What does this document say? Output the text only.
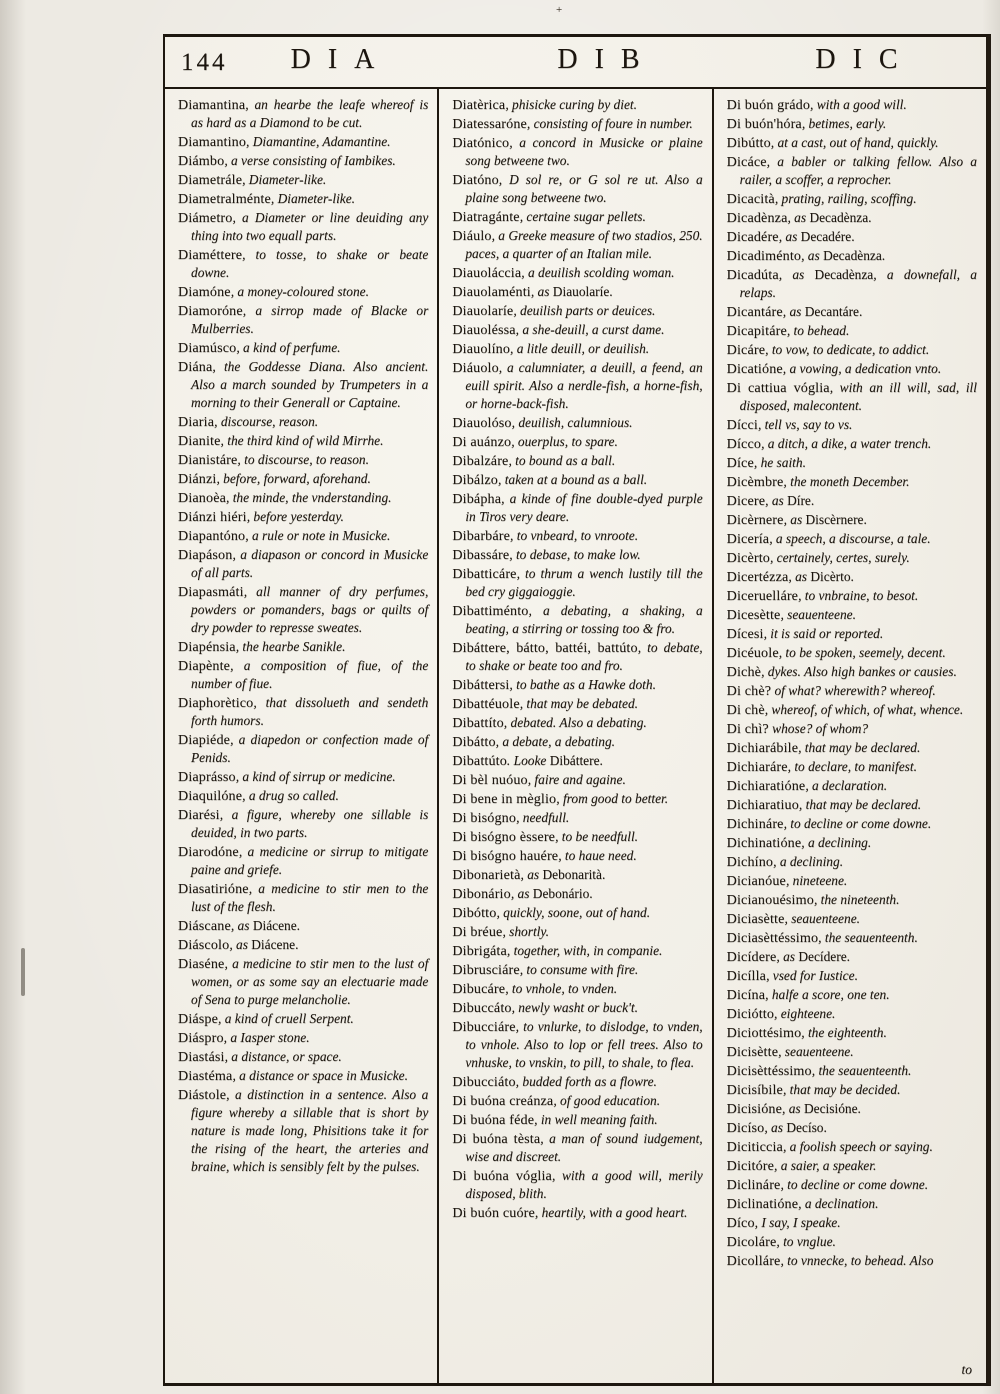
+
144 DIA	DIB	DIC
Diamantina, an hearbe the leafe whereof is as hard as a Diamond to be cut.
Diamantino, Diamantine, Adamantine.
Diámbo, a verse consisting of Iambikes.
Diametrále, Diameter-like.
Diametralménte, Diameter-like.
Diámetro, a Diameter or line deuiding any thing into two equall parts.
Diaméttere, to tosse, to shake or beate downe.
Diamóne, a money-coloured stone.
Diamoróne, a sirrop made of Blacke or Mulberries.
Diamúsco, a kind of perfume.
Diána, the Goddesse Diana. Also ancient. Also a march sounded by Trumpeters in a morning to their Generall or Captaine.
Diaria, discourse, reason.
Dianite, the third kind of wild Mirrhe.
Dianistáre, to discourse, to reason.
Diánzi, before, forward, aforehand.
Dianoèa, the minde, the vnderstanding.
Diánzi hiéri, before yesterday.
Diapantóno, a rule or note in Musicke.
Diapáson, a diapason or concord in Musicke of all parts.
Diapasmáti, all manner of dry perfumes, powders or pomanders, bags or quilts of dry powder to represse sweates.
Diapénsia, the hearbe Sanikle.
Diapènte, a composition of fiue, of the number of fiue.
Diaphorètico, that dissolueth and sendeth forth humors.
Diapiéde, a diapedon or confection made of Penids.
Diaprásso, a kind of sirrup or medicine.
Diaquilóne, a drug so called.
Diarési, a figure, whereby one sillable is deuided, in two parts.
Diarodóne, a medicine or sirrup to mitigate paine and griefe.
Diasatirióne, a medicine to stir men to the lust of the flesh.
Diáscane, as Diácene.
Diáscolo, as Diácene.
Diaséne, a medicine to stir men to the lust of women, or as some say an electuarie made of Sena to purge melancholie.
Diáspe, a kind of cruell Serpent.
Diáspro, a Iasper stone.
Diastási, a distance, or space.
Diastéma, a distance or space in Musicke.
Diástole, a distinction in a sentence. Also a figure whereby a sillable that is short by nature is made long, Phisitions take it for the rising of the heart, the arteries and braine, which is sensibly felt by the pulses.
Diatèrica, phisicke curing by diet.
Diatessaróne, consisting of foure in number.
Diatónico, a concord in Musicke or plaine song betweene two.
Diatóno, D sol re, or G sol re ut. Also a plaine song betweene two.
Diatragánte, certaine sugar pellets.
Diáulo, a Greeke measure of two stadios, 250. paces, a quarter of an Italian mile.
Diauoláccia, a deuilish scolding woman.
Diauolaménti, as Diauolaríe.
Diauolaríe, deuilish parts or deuices.
Diauoléssa, a she-deuill, a curst dame.
Diauolíno, a litle deuill, or deuilish.
Diáuolo, a calumniater, a deuill, a feend, an euill spirit. Also a nerdle-fish, a horne-fish, or horne-back-fish.
Diauolóso, deuilish, calumnious.
Di auánzo, ouerplus, to spare.
Dibalzáre, to bound as a ball.
Dibálzo, taken at a bound as a ball.
Dibápha, a kinde of fine double-dyed purple in Tiros very deare.
Dibarbáre, to vnbeard, to vnroote.
Dibassáre, to debase, to make low.
Dibatticáre, to thrum a wench lustily till the bed cry giggaioggie.
Dibattiménto, a debating, a shaking, a beating, a stirring or tossing too & fro.
Dibáttere, bátto, battéi, battúto, to debate, to shake or beate too and fro.
Dibáttersi, to bathe as a Hawke doth.
Dibattéuole, that may be debated.
Dibattíto, debated. Also a debating.
Dibátto, a debate, a debating.
Dibattúto. Looke Dibáttere.
Di bèl nuóuo, faire and againe.
Di bene in mèglio, from good to better.
Di bisógno, needfull.
Di bisógno èssere, to be needfull.
Di bisógno hauére, to haue need.
Dibonarietà, as Debonarità.
Dibonário, as Debonário.
Dibótto, quickly, soone, out of hand.
Di bréue, shortly.
Dibrigáta, together, with, in companie.
Dibrusciáre, to consume with fire.
Dibucáre, to vnhole, to vnden.
Dibuccáto, newly washt or buck't.
Dibucciáre, to vnlurke, to dislodge, to vnden, to vnhole. Also to lop or fell trees. Also to vnhuske, to vnskin, to pill, to shale, to flea.
Dibucciáto, budded forth as a flowre.
Di buóna creánza, of good education.
Di buóna féde, in well meaning faith.
Di buóna tèsta, a man of sound iudgement, wise and discreet.
Di buóna vóglia, with a good will, merily disposed, blith.
Di buón cuóre, heartily, with a good heart.
Di buón grádo, with a good will.
Di buón'hóra, betimes, early.
Dibútto, at a cast, out of hand, quickly.
Dicáce, a babler or talking fellow. Also a railer, a scoffer, a reprocher.
Dicacità, prating, railing, scoffing.
Dicadènza, as Decadènza.
Dicadére, as Decadére.
Dicadiménto, as Decadènza.
Dicadúta, as Decadènza, a downefall, a relaps.
Dicantáre, as Decantáre.
Dicapitáre, to behead.
Dicáre, to vow, to dedicate, to addict.
Dicatióne, a vowing, a dedication vnto.
Di cattiua vóglia, with an ill will, sad, ill disposed, malecontent.
Dícci, tell vs, say to vs.
Dícco, a ditch, a dike, a water trench.
Díce, he saith.
Dicèmbre, the moneth December.
Dicere, as Díre.
Dicèrnere, as Discèrnere.
Dicería, a speech, a discourse, a tale.
Dicèrto, certainely, certes, surely.
Dicertézza, as Dicèrto.
Diceruelláre, to vnbraine, to besot.
Dicesètte, seauenteene.
Dícesi, it is said or reported.
Dicéuole, to be spoken, seemely, decent.
Dichè, dykes. Also high bankes or causies.
Di chè? of what? wherewith? whereof.
Di chè, whereof, of which, of what, whence.
Di chì? whose? of whom?
Dichiarábile, that may be declared.
Dichiaráre, to declare, to manifest.
Dichiaratióne, a declaration.
Dichiaratiuo, that may be declared.
Dichináre, to decline or come downe.
Dichinatióne, a declining.
Dichíno, a declining.
Dicianóue, nineteene.
Dicianouésimo, the nineteenth.
Diciasètte, seauenteene.
Diciasèttéssimo, the seauenteenth.
Dicídere, as Decídere.
Dicílla, vsed for Iustice.
Dicína, halfe a score, one ten.
Diciótto, eighteene.
Diciottésimo, the eighteenth.
Dicisètte, seauenteene.
Dicisèttéssimo, the seauenteenth.
Dicisíbile, that may be decided.
Dicisióne, as Decisióne.
Dicíso, as Decíso.
Diciticcia, a foolish speech or saying.
Dicitóre, a saier, a speaker.
Diclináre, to decline or come downe.
Diclinatióne, a declination.
Díco, I say, I speake.
Dicoláre, to vnglue.
Dicolláre, to vnnecke, to behead. Also
to
